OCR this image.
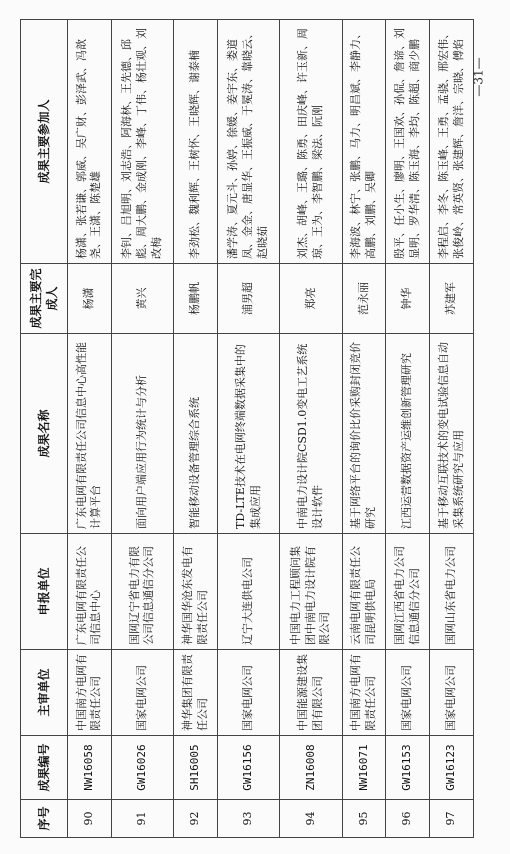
序号	成果编号	主审单位	申报单位	成果名称	成果主要完成人	成果主要参加人
90	NW16058	中国南方电网有限责任公司	广东电网有限责任公司信息中心	广东电网有限责任公司信息中心高性能计算平台	杨潇	杨潇、张若谦、郭威、吴广财、彭泽武、冯歆尧、王潇、陈楚雄
91	GW16026	国家电网公司	国网辽宁省电力有限公司信息通信分公司	面向用户端应用行为统计与分析	黄兴	李钊、吕旭明、刘志浩、阿海林、王先德、邱彪、周大鹏、金成刚、李峰、丁伟、杨壮观、刘改梅
92	SH16005	神华集团有限责任公司	神华国华沧东发电有限责任公司	智能移动设备管理综合系统	杨鹏帆	李劲松、魏利辉、王树怀、王晓辉、谢泰楠
93	GW16156	国家电网公司	辽宁大连供电公司	TD-LTE技术在电网终端数据采集中的集成应用	浦男超	潘学涛、夏元斗、孙婷、徐媛、姜宇东、娄道凤、金金、唐显华、王振威、于冕涛、靠晓云、赵晓茹
94	ZN16008	中国能源建设集团有限公司	中国电力工程顾问集团中南电力设计院有限公司	中南电力设计院CSD1.0变电工艺系统设计软件	郑亮	刘杰、胡峰、王璐、陈勇、田庆峰、许玉新、周琼、王为、李智鹏、梁法、阮刚
95	NW16071	中国南方电网有限责任公司	云南电网有限责任公司昆明供电局	基于网络平台的询价比价采购封闭竞价研究	范永丽	李海波、林宁、张鹏、马力、明昌斌、李静力、高鹏、刘鹏、吴卿
96	GW16153	国家电网公司	国网江西省电力公司信息通信分公司	江西运营数据资产运维创新管理研究	钟华	殷平、任小生、廖明、王国欢、孙侃、詹谛、刘显明、罗华清、陈玉海、李均、陈超、商少鹏
97	GW16123	国家电网公司	国网山东省电力公司	基于移动互联技术的变电试验信息自动采集系统研究与应用	苏建军	李程启、李冬、陈玉峰、王勇、孟骁、邢宏伟、张俊岭、常英贤、张建辉、詹洋、宗晓、傅焰 —31—
